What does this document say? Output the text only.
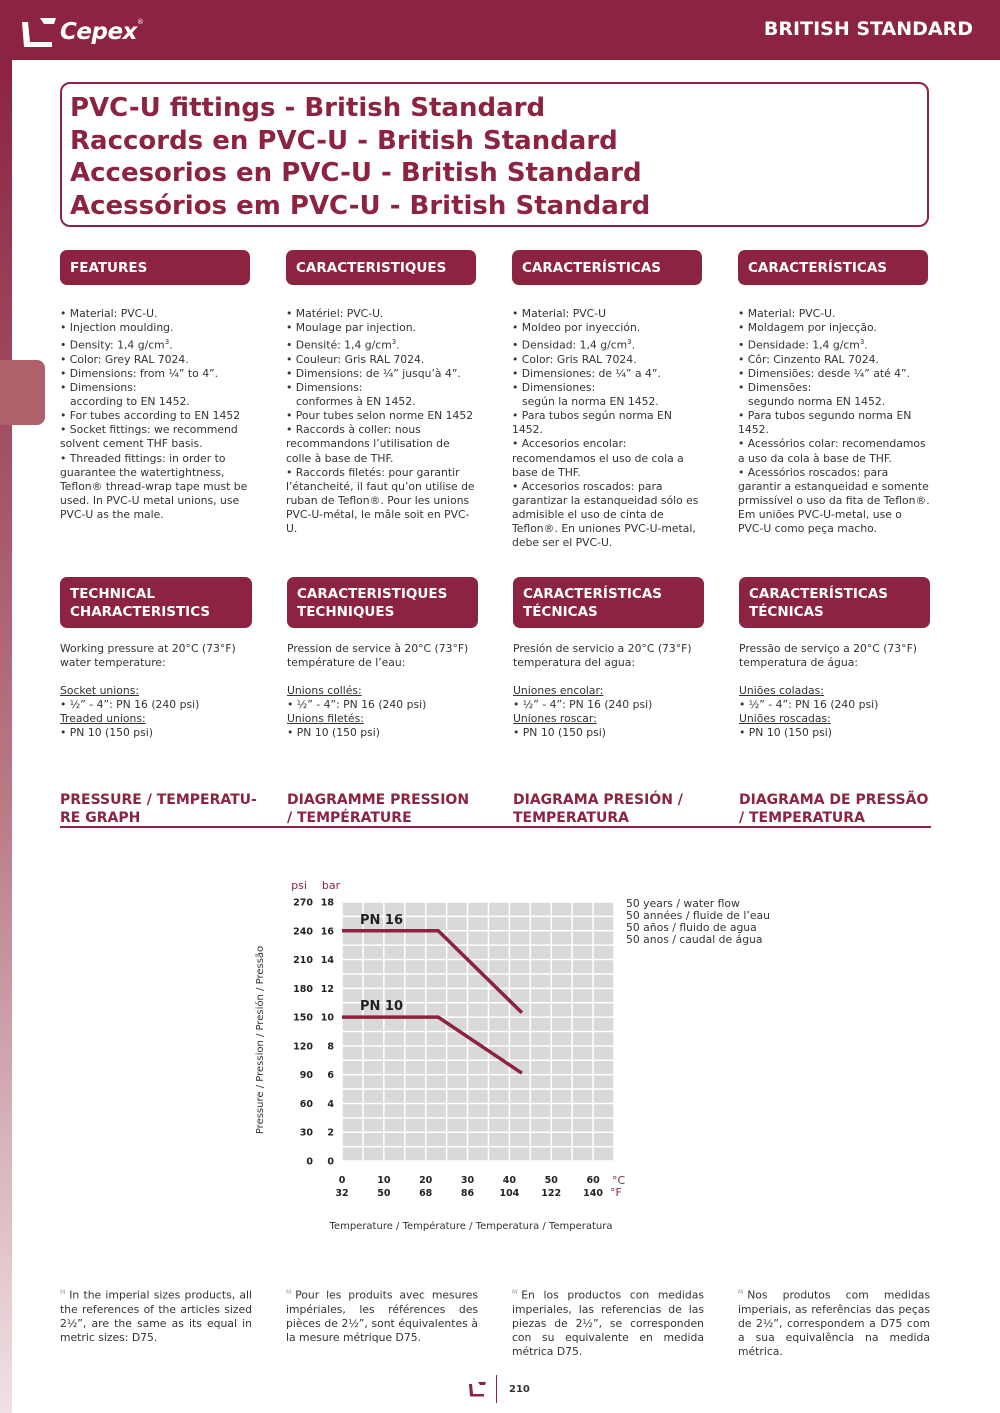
Cepex ®	BRITISH STANDARD
PVC-U fittings - British Standard
Raccords en PVC-U - British Standard
Accesorios en PVC-U - British Standard
Acessórios em PVC-U - British Standard
FEATURES	CARACTERISTIQUES	CARACTERÍSTICAS	CARACTERÍSTICAS

• Material: PVC-U.

• Injection moulding.

• Density: 1,4 $g/cm^3$.

• Color: Grey RAL 7024.

• Dimensions: from ¼” to 4”.

• Dimensions:

according to EN 1452.

• For tubes according to EN 1452

• Socket fittings: we recommend solvent cement THF basis.

• Threaded fittings: in order to guarantee the watertightness, Teflon® thread-wrap tape must be used. In PVC-U metal unions, use PVC-U as the male.

• Matériel: PVC-U.

• Moulage par injection.

• Densité: 1,4 $g/cm^3$.

• Couleur: Gris RAL 7024.

• Dimensions: de ¼” jusqu’à 4”.

• Dimensions:

conformes à EN 1452.

• Pour tubes selon norme EN 1452

• Raccords à coller: nous recommandons l’utilisation de colle à base de THF.

• Raccords filetés: pour garantir l’étancheité, il faut qu’on utilise de ruban de Teflon®. Pour les unions PVC-U-métal, le mâle soit en PVC-U.

• Material: PVC-U

• Moldeo por inyección.

• Densidad: 1,4 $g/cm^3$.

• Color: Gris RAL 7024.

• Dimensiones: de ¼” a 4”.

• Dimensiones:

según la norma EN 1452.

• Para tubos según norma EN 1452.

• Accesorios encolar: recomendamos el uso de cola a base de THF.

• Accesorios roscados: para garantizar la estanqueidad sólo es admisible el uso de cinta de Teflon®. En uniones PVC-U-metal, debe ser el PVC-U.

• Material: PVC-U.

• Moldagem por injecção.

• Densidade: 1,4 $g/cm^3$.

• Côr: Cinzento RAL 7024.

• Dimensiões: desde ¼” até 4”.

• Dimensões:

segundo norma EN 1452.

• Para tubos segundo norma EN 1452.

• Acessórios colar: recomendamos a uso da cola à base de THF.

• Acessórios roscados: para garantir a estanqueidad e somente prmissível o uso da fita de Teflon®. Em uniões PVC-U-metal, use o PVC-U como peça macho.

TECHNICAL
CHARACTERISTICS
CARACTERISTIQUES
TECHNIQUES
CARACTERÍSTICAS
TÉCNICAS
CARACTERÍSTICAS
TÉCNICAS

Working pressure at 20°C (73°F) water temperature:

Socket unions:

• ½” - 4”: PN 16 (240 psi)

Treaded unions:

• PN 10 (150 psi)

Pression de service à 20°C (73°F) température de l’eau:

Unions collés:

• ½” - 4”: PN 16 (240 psi)

Unions filetés:

• PN 10 (150 psi)

Presión de servicio a 20°C (73°F) temperatura del agua:

Uniones encolar:

• ½” - 4”: PN 16 (240 psi)

Uniones roscar:

• PN 10 (150 psi)

Pressão de serviço a 20°C (73°F) temperatura de água:

Uniões coladas:

• ½” - 4”: PN 16 (240 psi)

Uniões roscadas:

• PN 10 (150 psi)

PRESSURE / TEMPERATU-
RE GRAPH
DIAGRAMME PRESSION
/ TEMPÉRATURE
DIAGRAMA PRESIÓN /
TEMPERATURA
DIAGRAMA DE PRESSÃO
/ TEMPERATURA
0
0
2
30
4
60
6
90
8
120
10
150
12
180
14
210
16
240
18
270
psi bar
0
32
10
50
20
68
30
86
40
104
50
122
60
140
°C
°F
Temperature / Température / Temperatura / Temperatura
Pressure / Pression / Presión / Pressão
PN 16
PN 10
50 years / water flow
50 années / fluide de l’eau
50 años / fluido de agua
50 anos / caudal de água
$^M$ In the imperial sizes products, all the references of the articles sized 2½”, are the same as its equal in metric sizes: D75.
$^M$ Pour les produits avec mesures impériales, les références des pièces de 2½”, sont équivalentes à la mesure métrique D75.
$^M$ En los productos con medidas imperiales, las referencias de las piezas de 2½”, se corresponden con su equivalente en medida métrica D75.
$^M$ Nos produtos com medidas imperiais, as referências das peças de 2½”, correspondem a D75 com a sua equivalência na medida métrica.
210
